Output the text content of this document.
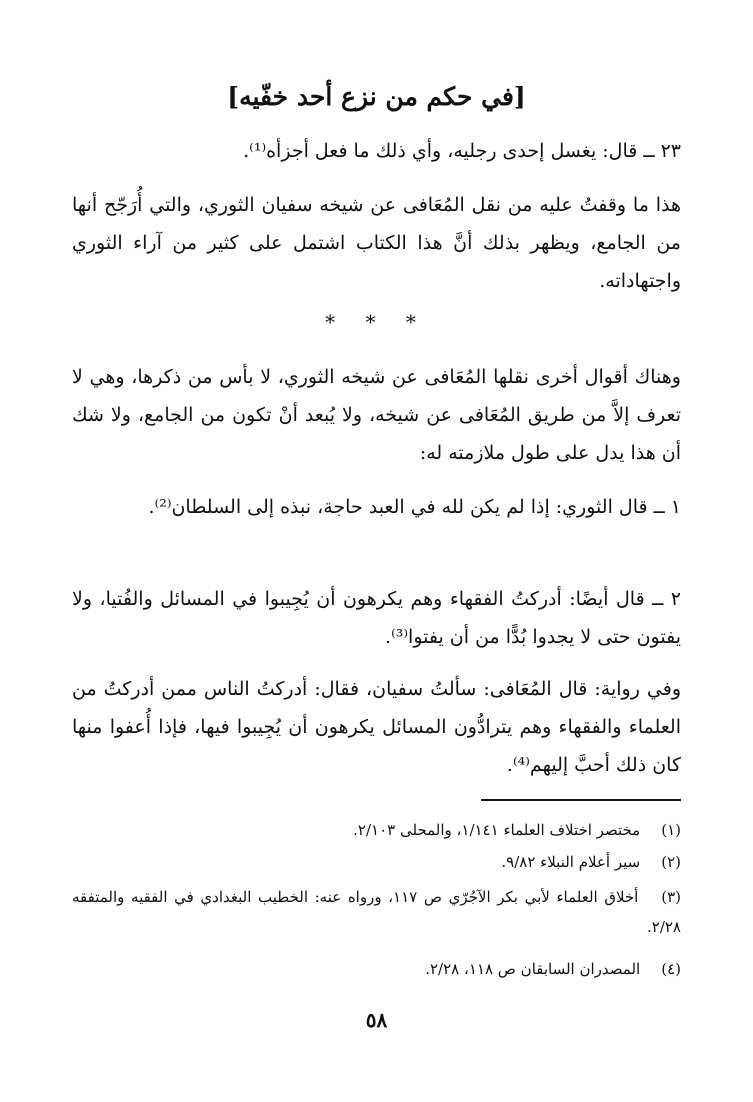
[في حكم من نزع أحد خفّيه]
٢٣ ــ قال: يغسل إحدى رجليه، وأي ذلك ما فعل أجزأه⁽¹⁾.
هذا ما وقفتُ عليه من نقل المُعَافى عن شيخه سفيان الثوري، والتي أُرَجّح أنها من الجامع، ويظهر بذلك أنَّ هذا الكتاب اشتمل على كثير من آراء الثوري واجتهاداته.
* * *
وهناك أقوال أخرى نقلها المُعَافى عن شيخه الثوري، لا بأس من ذكرها، وهي لا تعرف إلاَّ من طريق المُعَافى عن شيخه، ولا يُبعد أنْ تكون من الجامع، ولا شك أن هذا يدل على طول ملازمته له:
١ ــ قال الثوري: إذا لم يكن لله في العبد حاجة، نبذه إلى السلطان⁽²⁾.
٢ ــ قال أيضًا: أدركتُ الفقهاء وهم يكرهون أن يُجِيبوا في المسائل والفُتيا، ولا يفتون حتى لا يجدوا بُدًّا من أن يفتوا⁽³⁾.
وفي رواية: قال المُعَافى: سألتُ سفيان، فقال: أدركتُ الناس ممن أدركتُ من العلماء والفقهاء وهم يترادُّون المسائل يكرهون أن يُجِيبوا فيها، فإذا أُعفوا منها كان ذلك أحبَّ إليهم⁽⁴⁾.
(١) مختصر اختلاف العلماء ١/١٤١، والمحلى ٢/١٠٣.
(٢) سير أعلام النبلاء ٩/٨٢.
(٣) أخلاق العلماء لأبي بكر الآجُرّي ص ١١٧، ورواه عنه: الخطيب البغدادي في الفقيه والمتفقه ٢/٢٨.
(٤) المصدران السابقان ص ١١٨، ٢/٢٨.
٥٨
